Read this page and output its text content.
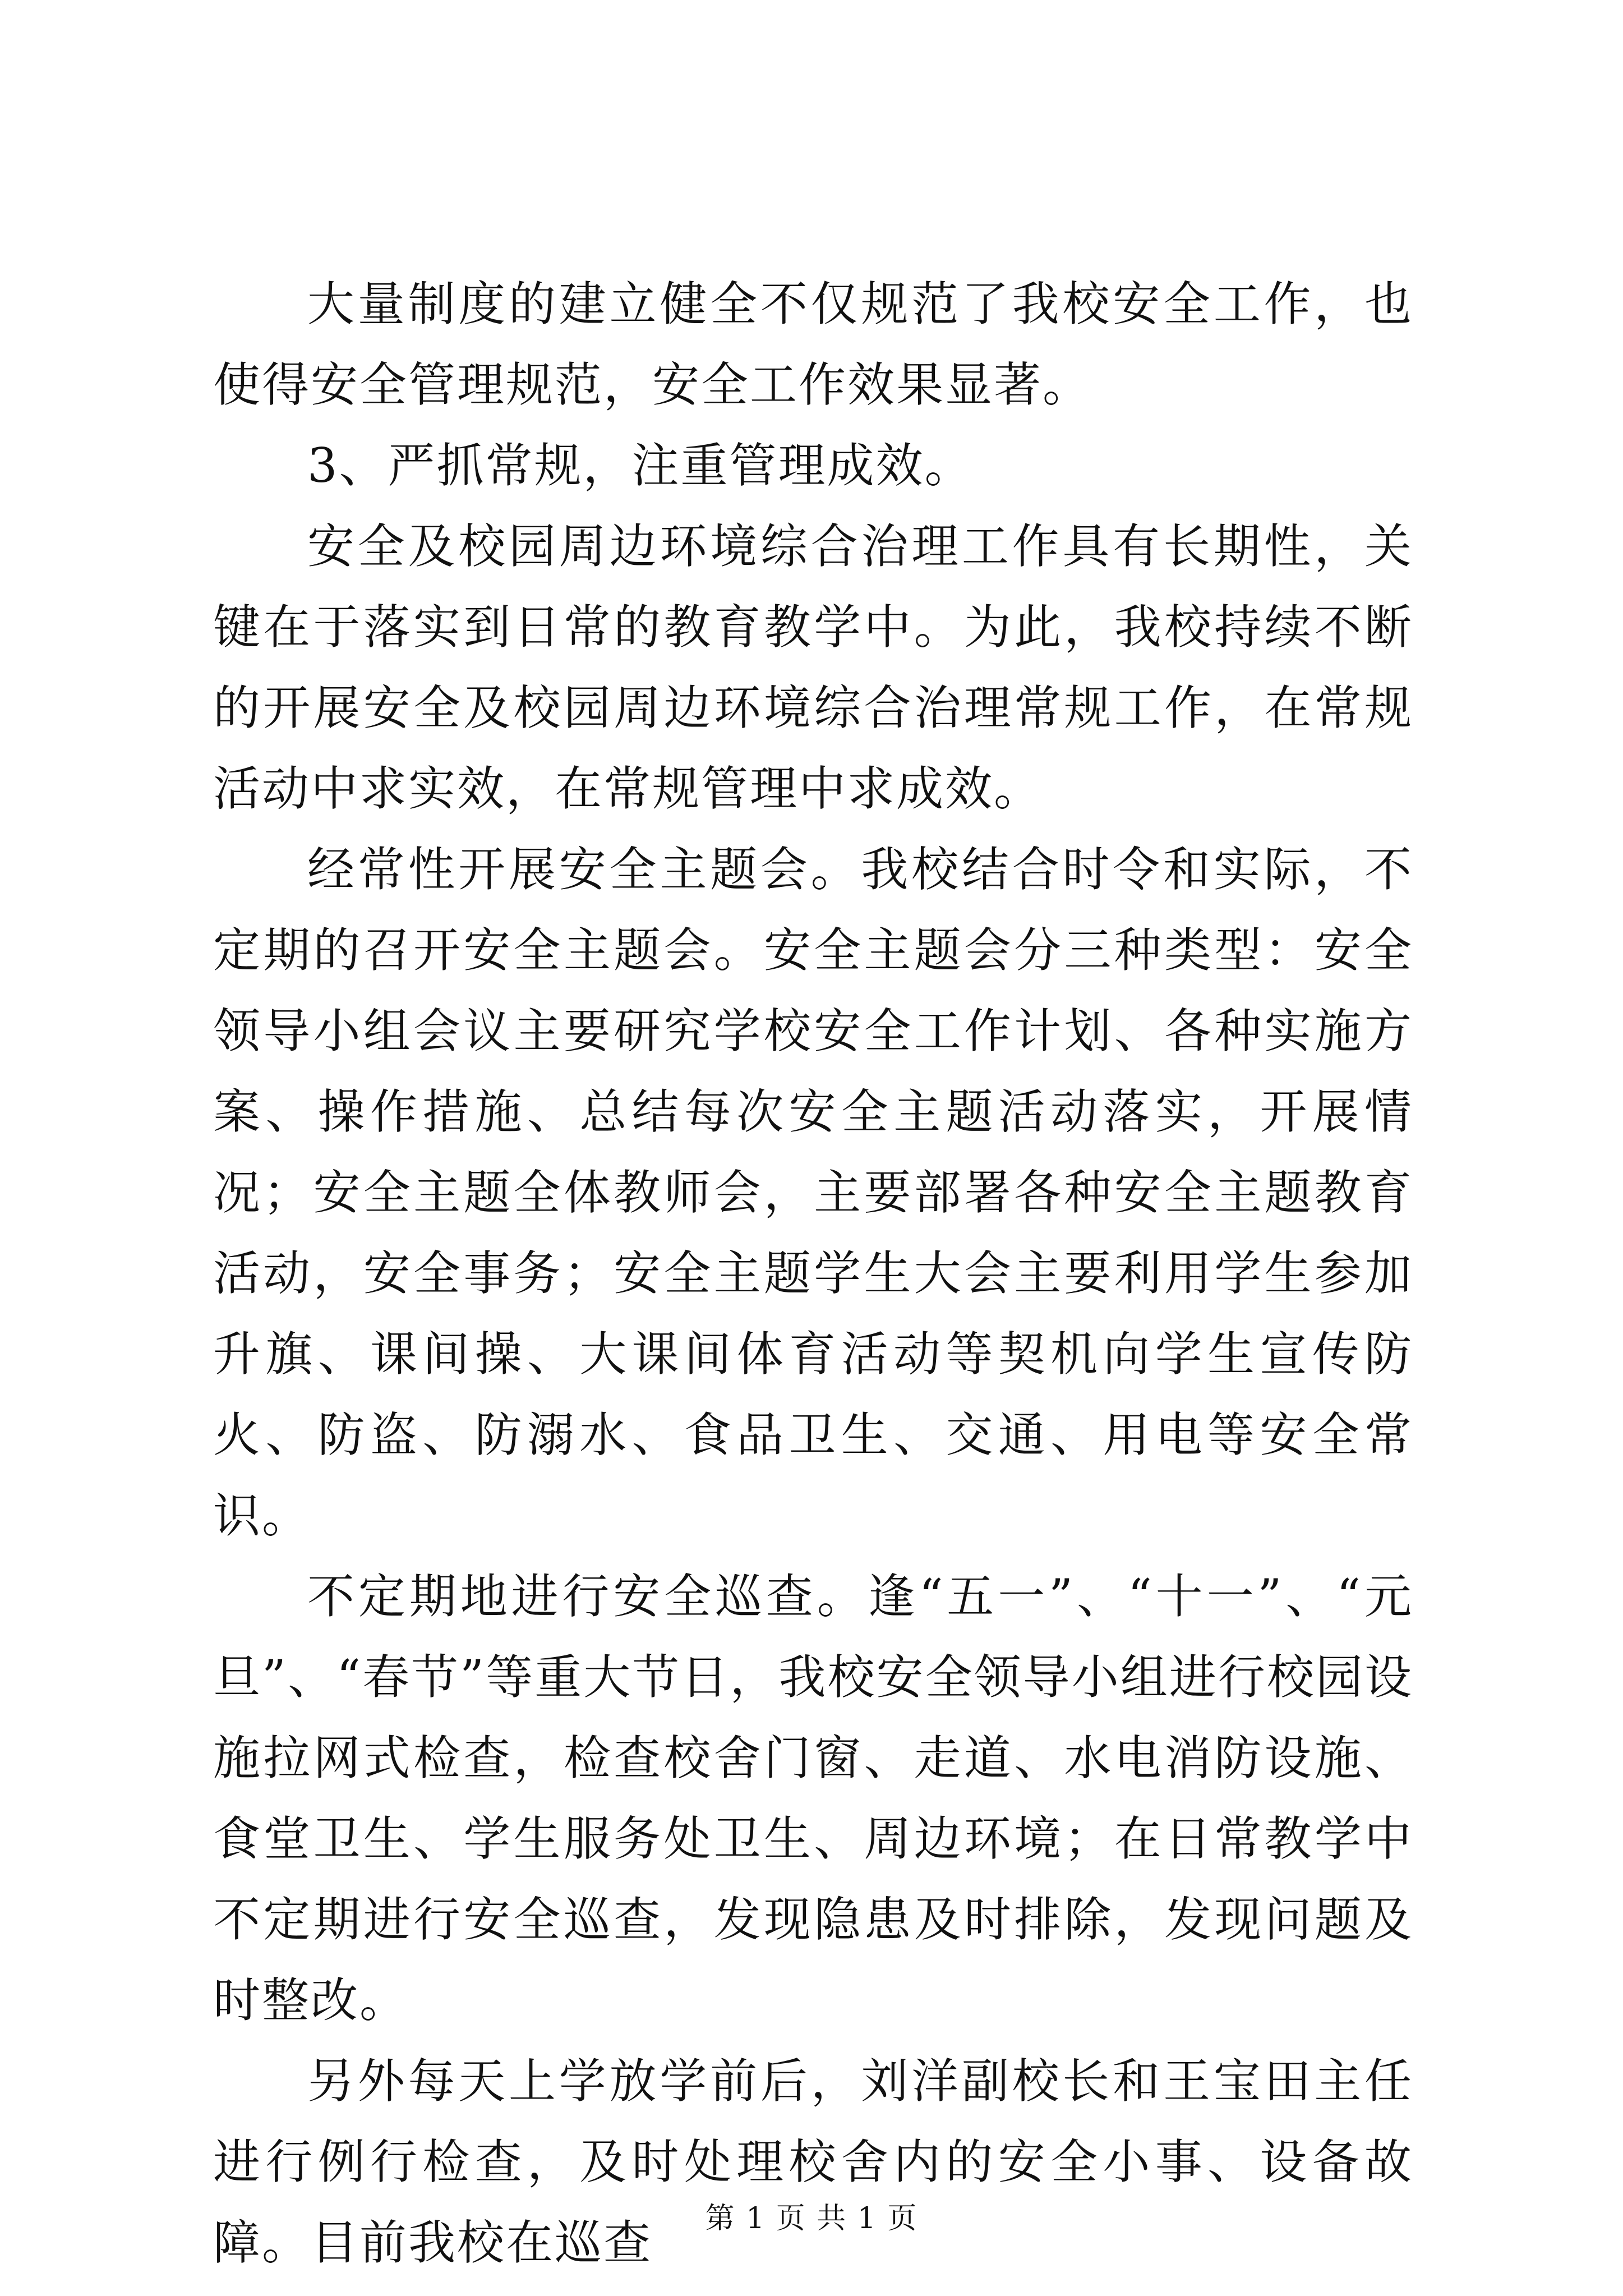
大量制度的建立健全不仅规范了我校安全工作，也使得安全管理规范，安全工作效果显著。

3、严抓常规，注重管理成效。

安全及校园周边环境综合治理工作具有长期性，关键在于落实到日常的教育教学中。为此，我校持续不断的开展安全及校园周边环境综合治理常规工作，在常规活动中求实效，在常规管理中求成效。

经常性开展安全主题会。我校结合时令和实际，不定期的召开安全主题会。安全主题会分三种类型：安全领导小组会议主要研究学校安全工作计划、各种实施方案、操作措施、总结每次安全主题活动落实，开展情况；安全主题全体教师会，主要部署各种安全主题教育活动，安全事务；安全主题学生大会主要利用学生参加升旗、课间操、大课间体育活动等契机向学生宣传防火、防盗、防溺水、食品卫生、交通、用电等安全常识。

不定期地进行安全巡查。逢“五一”、“十一”、“元旦”、“春节”等重大节日，我校安全领导小组进行校园设施拉网式检查，检查校舍门窗、走道、水电消防设施、食堂卫生、学生服务处卫生、周边环境；在日常教学中不定期进行安全巡查，发现隐患及时排除，发现问题及时整改。

另外每天上学放学前后，刘洋副校长和王宝田主任进行例行检查，及时处理校舍内的安全小事、设备故障。目前我校在巡查	第 1 页 共 1 页
